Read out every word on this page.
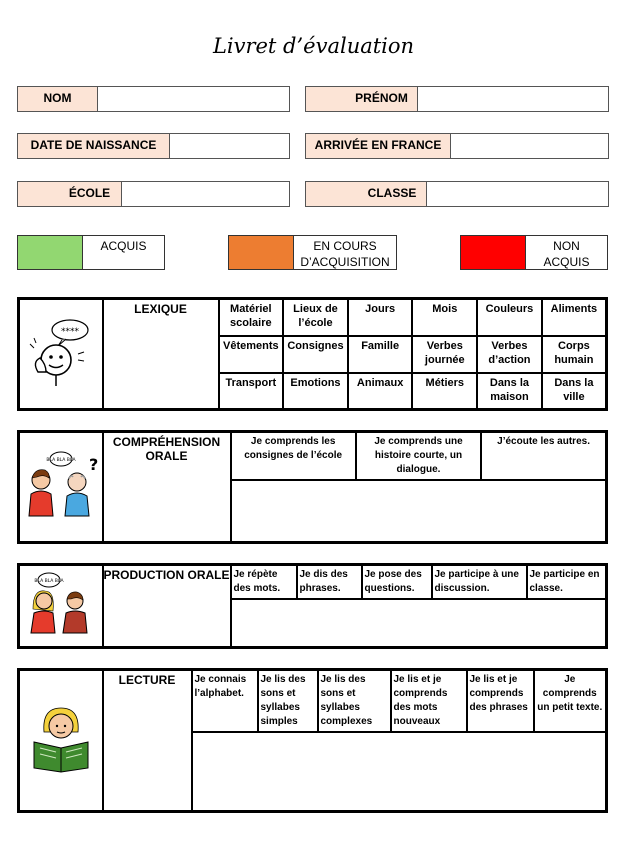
Livret d’évaluation
NOM	PRÉNOM
DATE DE NAISSANCE	ARRIVÉE EN FRANCE
ÉCOLE	CLASSE
ACQUIS	EN COURS
D’ACQUISITION
NON
ACQUIS
****	LEXIQUE	Matériel scolaire	Lieux de l’école	Jours	Mois	Couleurs	Aliments
		Vêtements	Consignes	Famille	Verbes journée	Verbes d’action	Corps humain
		Transport	Emotions	Animaux	Métiers	Dans la maison	Dans la ville
BLA BLA BLA ?
	COMPRÉHENSION ORALE	Je comprends les consignes de l’école	Je comprends une histoire courte, un dialogue.	J’écoute les autres.

BLA BLA BLA	PRODUCTION ORALE	Je répète des mots.	Je dis des phrases.	Je pose des questions.	Je participe à une discussion.	Je participe en classe.

	LECTURE	Je connais l’alphabet.	Je lis des sons et syllabes simples	Je lis des sons et syllabes complexes	Je lis et je comprends des mots nouveaux	Je lis et je comprends des phrases	Je comprends un petit texte.
